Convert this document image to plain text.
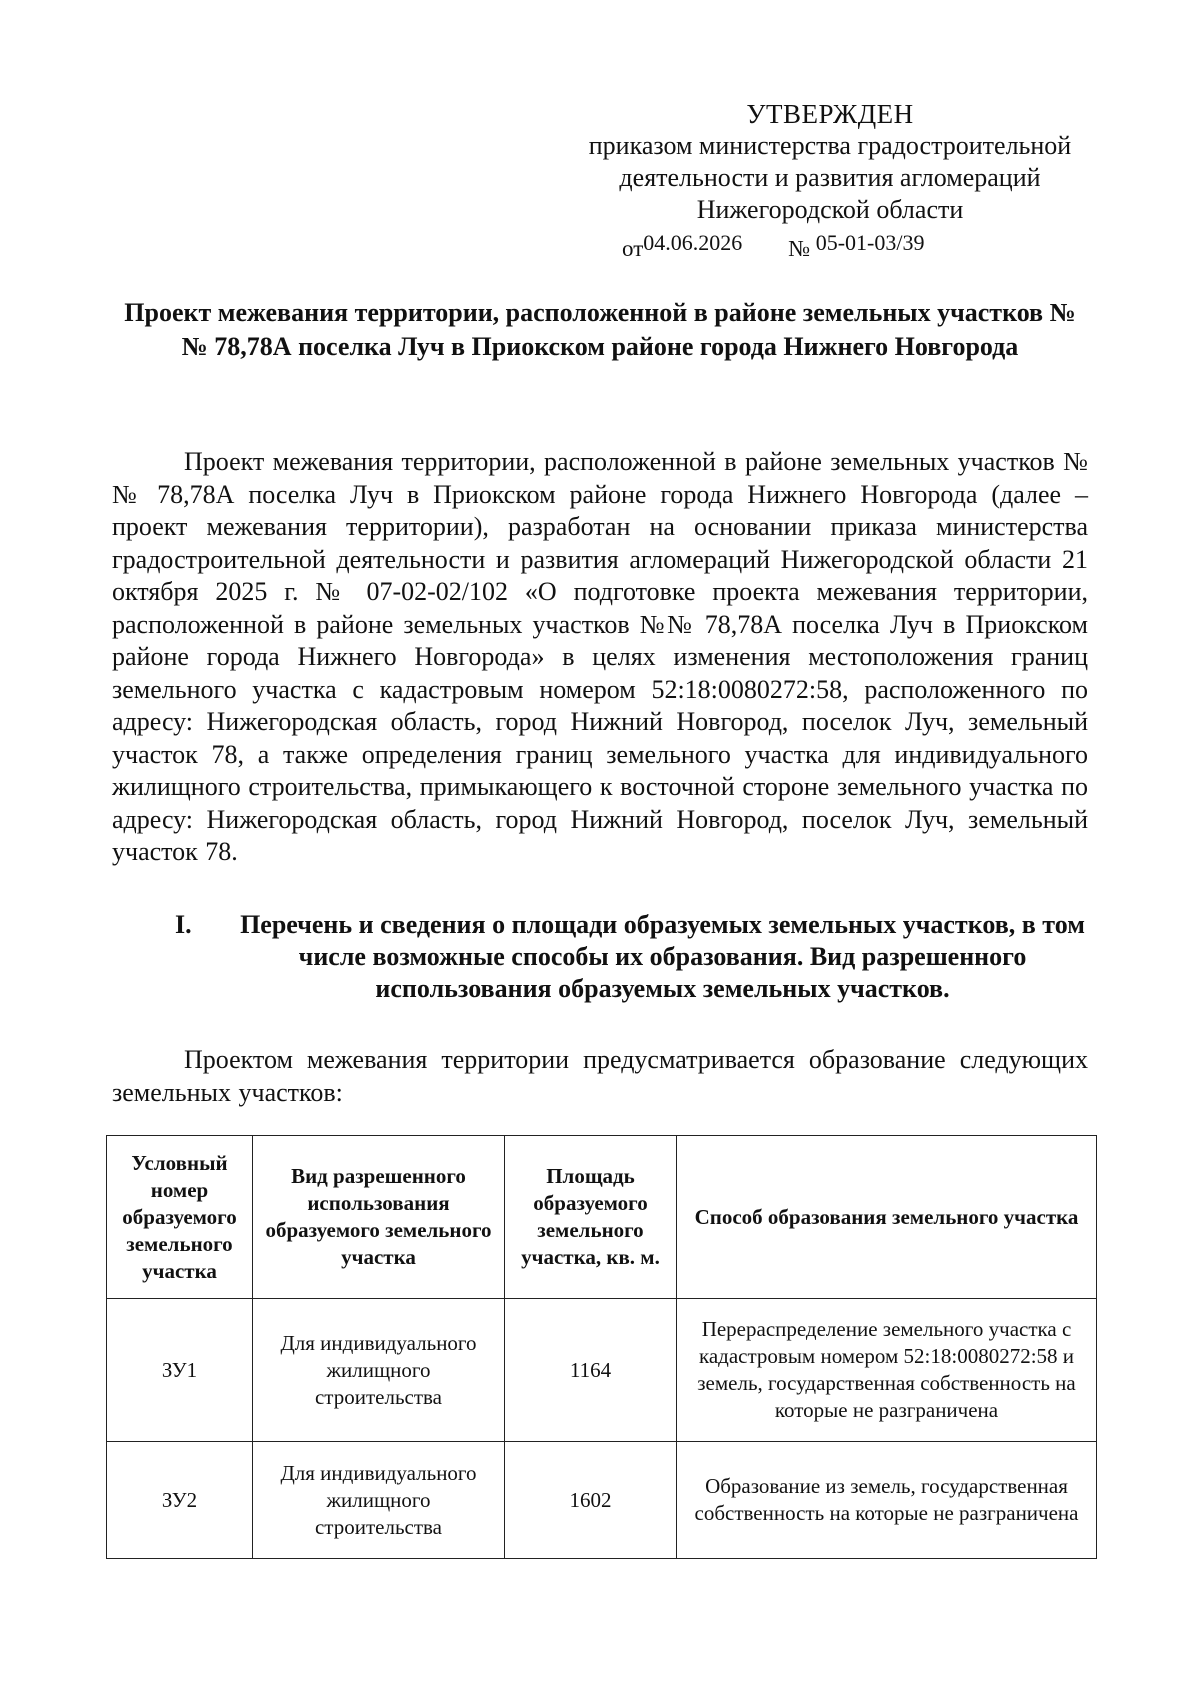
УТВЕРЖДЕН
приказом министерства градостроительной
деятельности и развития агломераций
Нижегородской области
от04.06.2026 № 05-01-03/39
Проект межевания территории, расположенной в районе земельных участков №№ 78,78А поселка Луч в Приокском районе города Нижнего Новгорода
Проект межевания территории, расположенной в районе земельных участков №№ 78,78А поселка Луч в Приокском районе города Нижнего Новгорода (далее – проект межевания территории), разработан на основании приказа министерства градостроительной деятельности и развития агломераций Нижегородской области 21 октября 2025 г. № 07-02-02/102 «О подготовке проекта межевания территории, расположенной в районе земельных участков №№ 78,78А поселка Луч в Приокском районе города Нижнего Новгорода» в целях изменения местоположения границ земельного участка с кадастровым номером 52:18:0080272:58, расположенного по адресу: Нижегородская область, город Нижний Новгород, поселок Луч, земельный участок 78, а также определения границ земельного участка для индивидуального жилищного строительства, примыкающего к восточной стороне земельного участка по адресу: Нижегородская область, город Нижний Новгород, поселок Луч, земельный участок 78.
I. Перечень и сведения о площади образуемых земельных участков, в том числе возможные способы их образования. Вид разрешенного использования образуемых земельных участков.
Проектом межевания территории предусматривается образование следующих земельных участков:
Условный номер образуемого земельного участка	Вид разрешенного использования образуемого земельного участка	Площадь образуемого земельного участка, кв. м.	Способ образования земельного участка
ЗУ1	Для индивидуального жилищного строительства	1164	Перераспределение земельного участка с кадастровым номером 52:18:0080272:58 и земель, государственная собственность на которые не разграничена
ЗУ2	Для индивидуального жилищного строительства	1602	Образование из земель, государственная собственность на которые не разграничена
